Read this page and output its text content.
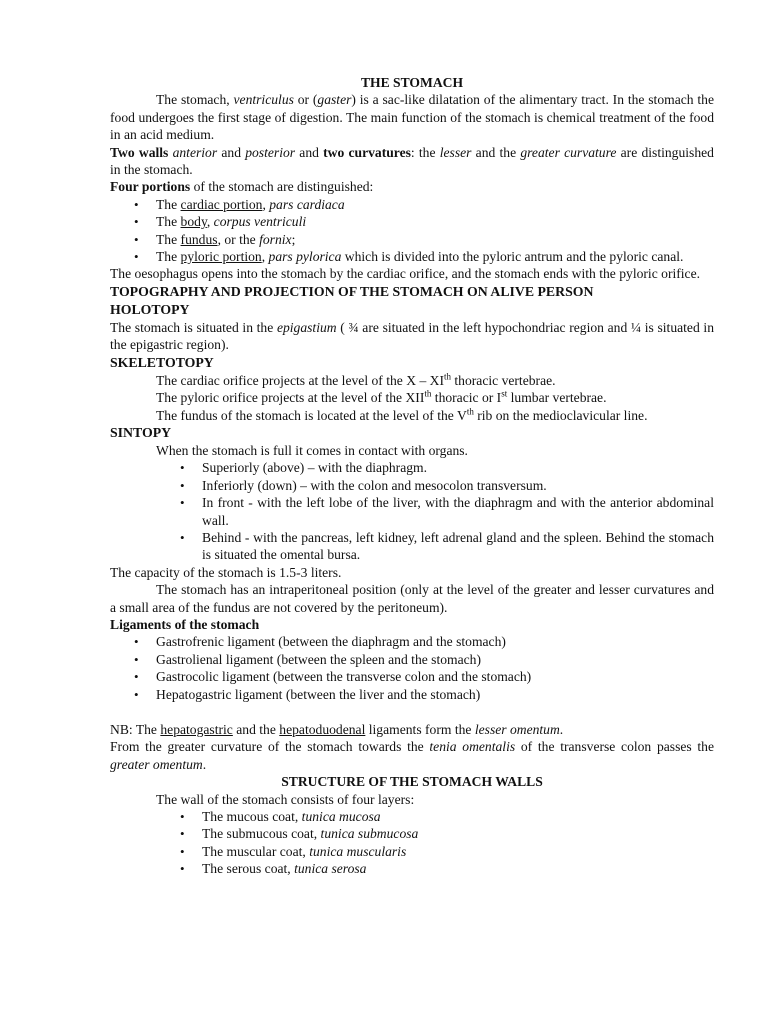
THE STOMACH

The stomach, ventriculus or (gaster) is a sac-like dilatation of the alimentary tract. In the stomach the food undergoes the first stage of digestion. The main function of the stomach is chemical treatment of the food in an acid medium.

Two walls anterior and posterior and two curvatures: the lesser and the greater curvature are distinguished in the stomach.

Four portions of the stomach are distinguished:

• The cardiac portion, pars cardiaca
• The body, corpus ventriculi
• The fundus, or the fornix;
• The pyloric portion, pars pylorica which is divided into the pyloric antrum and the pyloric canal.

The oesophagus opens into the stomach by the cardiac orifice, and the stomach ends with the pyloric orifice.

TOPOGRAPHY AND PROJECTION OF THE STOMACH ON ALIVE PERSON

HOLOTOPY

The stomach is situated in the epigastium ( ¾ are situated in the left hypochondriac region and ¼ is situated in the epigastric region).

SKELETOTOPY

The cardiac orifice projects at the level of the X – XIth thoracic vertebrae.

The pyloric orifice projects at the level of the XIIth thoracic or Ist lumbar vertebrae.

The fundus of the stomach is located at the level of the Vth rib on the medioclavicular line.

SINTOPY

When the stomach is full it comes in contact with organs.

• Superiorly (above) – with the diaphragm.
• Inferiorly (down) – with the colon and mesocolon transversum.
• In front - with the left lobe of the liver, with the diaphragm and with the anterior abdominal wall.
• Behind - with the pancreas, left kidney, left adrenal gland and the spleen. Behind the stomach is situated the omental bursa.

The capacity of the stomach is 1.5-3 liters.

The stomach has an intraperitoneal position (only at the level of the greater and lesser curvatures and a small area of the fundus are not covered by the peritoneum).

Ligaments of the stomach

• Gastrofrenic ligament (between the diaphragm and the stomach)
• Gastrolienal ligament (between the spleen and the stomach)
• Gastrocolic ligament (between the transverse colon and the stomach)
• Hepatogastric ligament (between the liver and the stomach)

NB: The hepatogastric and the hepatoduodenal ligaments form the lesser omentum.

From the greater curvature of the stomach towards the tenia omentalis of the transverse colon passes the greater omentum.

STRUCTURE OF THE STOMACH WALLS

The wall of the stomach consists of four layers:

• The mucous coat, tunica mucosa
• The submucous coat, tunica submucosa
• The muscular coat, tunica muscularis
• The serous coat, tunica serosa
